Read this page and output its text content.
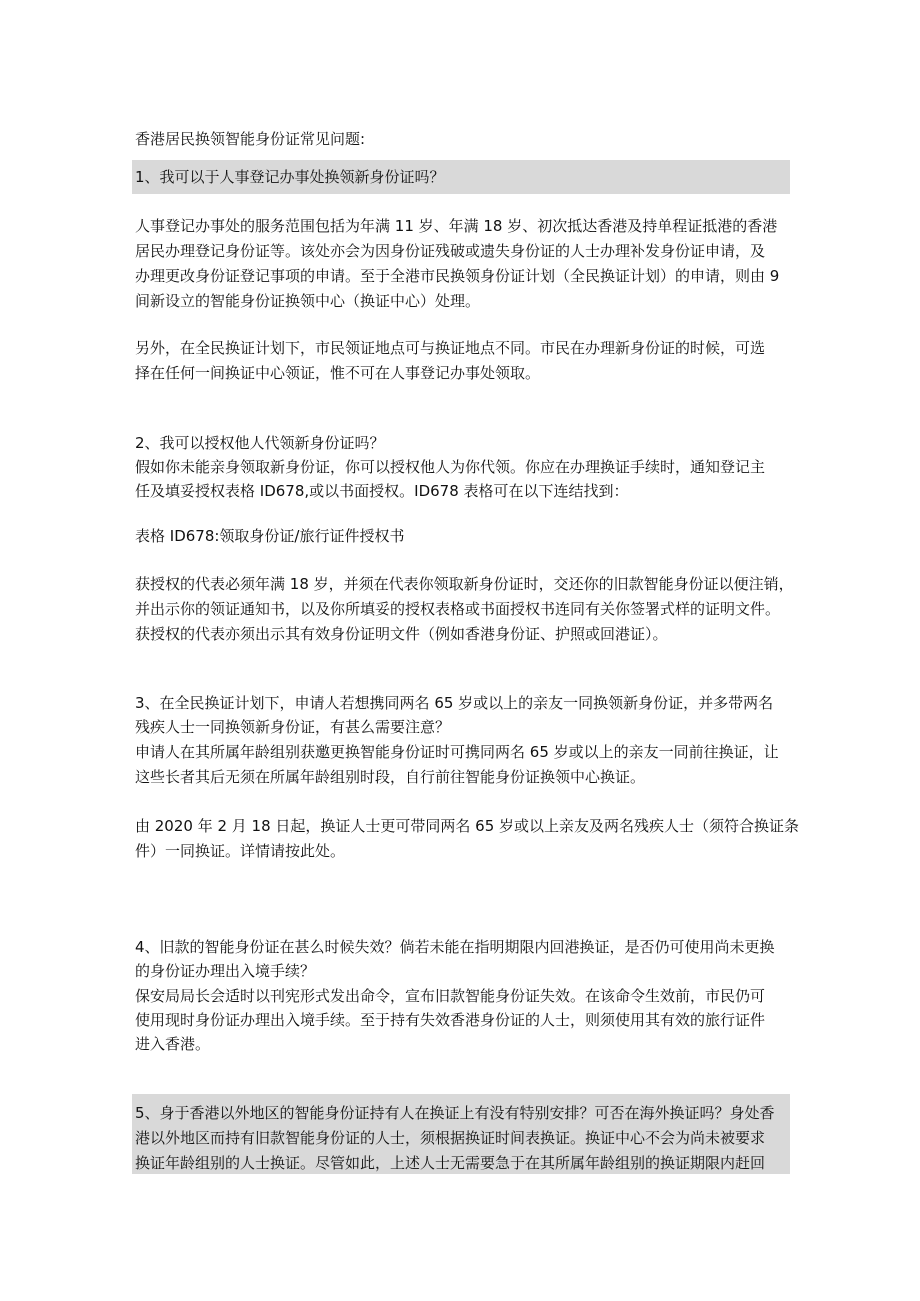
香港居民换领智能身份证常见问题:
1、我可以于人事登记办事处换领新身份证吗？
人事登记办事处的服务范围包括为年满 11 岁、年满 18 岁、初次抵达香港及持单程证抵港的香港
居民办理登记身份证等。该处亦会为因身份证残破或遗失身份证的人士办理补发身份证申请，及
办理更改身份证登记事项的申请。至于全港市民换领身份证计划（全民换证计划）的申请，则由 9
间新设立的智能身份证换领中心（换证中心）处理。
另外，在全民换证计划下，市民领证地点可与换证地点不同。市民在办理新身份证的时候，可选
择在任何一间换证中心领证，惟不可在人事登记办事处领取。
2、我可以授权他人代领新身份证吗？
假如你未能亲身领取新身份证，你可以授权他人为你代领。你应在办理换证手续时，通知登记主
任及填妥授权表格 ID678,或以书面授权。ID678 表格可在以下连结找到：
表格 ID678:领取身份证/旅行证件授权书
获授权的代表必须年满 18 岁，并须在代表你领取新身份证时，交还你的旧款智能身份证以便注销，
并出示你的领证通知书，以及你所填妥的授权表格或书面授权书连同有关你签署式样的证明文件。
获授权的代表亦须出示其有效身份证明文件（例如香港身份证、护照或回港证）。
3、在全民换证计划下，申请人若想携同两名 65 岁或以上的亲友一同换领新身份证，并多带两名
残疾人士一同换领新身份证，有甚么需要注意？
申请人在其所属年龄组别获邀更换智能身份证时可携同两名 65 岁或以上的亲友一同前往换证，让
这些长者其后无须在所属年龄组别时段，自行前往智能身份证换领中心换证。
由 2020 年 2 月 18 日起，换证人士更可带同两名 65 岁或以上亲友及两名残疾人士（须符合换证条
件）一同换证。详情请按此处。
4、旧款的智能身份证在甚么时候失效？倘若未能在指明期限内回港换证，是否仍可使用尚未更换
的身份证办理出入境手续？
保安局局长会适时以刊宪形式发出命令，宣布旧款智能身份证失效。在该命令生效前，市民仍可
使用现时身份证办理出入境手续。至于持有失效香港身份证的人士，则须使用其有效的旅行证件
进入香港。
5、身于香港以外地区的智能身份证持有人在换证上有没有特别安排？可否在海外换证吗？身处香
港以外地区而持有旧款智能身份证的人士，须根据换证时间表换证。换证中心不会为尚未被要求
换证年龄组别的人士换证。尽管如此，上述人士无需要急于在其所属年龄组别的换证期限内赶回
